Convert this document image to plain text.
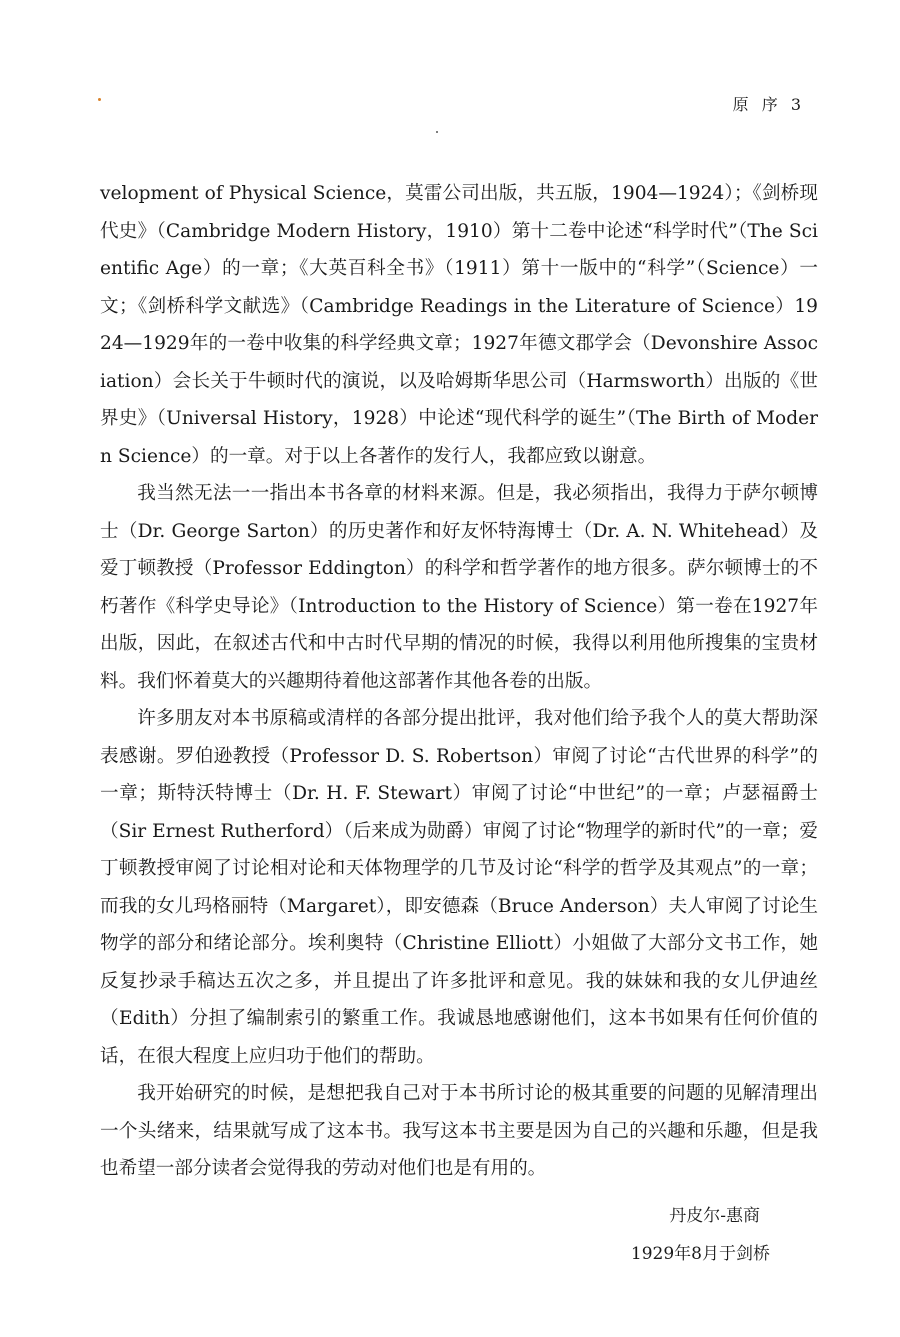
原 序 3

velopment of Physical Science，莫雷公司出版，共五版，1904—1924）；《剑桥现代史》（Cambridge Modern History，1910）第十二卷中论述“科学时代”（The Scientific Age）的一章；《大英百科全书》（1911）第十一版中的“科学”（Science）一文；《剑桥科学文献选》（Cambridge Readings in the Literature of Science）1924—1929年的一卷中收集的科学经典文章；1927年德文郡学会（Devonshire Association）会长关于牛顿时代的演说，以及哈姆斯华思公司（Harmsworth）出版的《世界史》（Universal History，1928）中论述“现代科学的诞生”（The Birth of Modern Science）的一章。对于以上各著作的发行人，我都应致以谢意。

我当然无法一一指出本书各章的材料来源。但是，我必须指出，我得力于萨尔顿博士（Dr. George Sarton）的历史著作和好友怀特海博士（Dr. A. N. Whitehead）及爱丁顿教授（Professor Eddington）的科学和哲学著作的地方很多。萨尔顿博士的不朽著作《科学史导论》（Introduction to the History of Science）第一卷在1927年出版，因此，在叙述古代和中古时代早期的情况的时候，我得以利用他所搜集的宝贵材料。我们怀着莫大的兴趣期待着他这部著作其他各卷的出版。

许多朋友对本书原稿或清样的各部分提出批评，我对他们给予我个人的莫大帮助深表感谢。罗伯逊教授（Professor D. S. Robertson）审阅了讨论“古代世界的科学”的一章；斯特沃特博士（Dr. H. F. Stewart）审阅了讨论“中世纪”的一章；卢瑟福爵士（Sir Ernest Rutherford）（后来成为勋爵）审阅了讨论“物理学的新时代”的一章；爱丁顿教授审阅了讨论相对论和天体物理学的几节及讨论“科学的哲学及其观点”的一章；而我的女儿玛格丽特（Margaret），即安德森（Bruce Anderson）夫人审阅了讨论生物学的部分和绪论部分。埃利奥特（Christine Elliott）小姐做了大部分文书工作，她反复抄录手稿达五次之多，并且提出了许多批评和意见。我的妹妹和我的女儿伊迪丝（Edith）分担了编制索引的繁重工作。我诚恳地感谢他们，这本书如果有任何价值的话，在很大程度上应归功于他们的帮助。

我开始研究的时候，是想把我自己对于本书所讨论的极其重要的问题的见解清理出一个头绪来，结果就写成了这本书。我写这本书主要是因为自己的兴趣和乐趣，但是我也希望一部分读者会觉得我的劳动对他们也是有用的。

丹皮尔-惠商
1929年8月于剑桥
